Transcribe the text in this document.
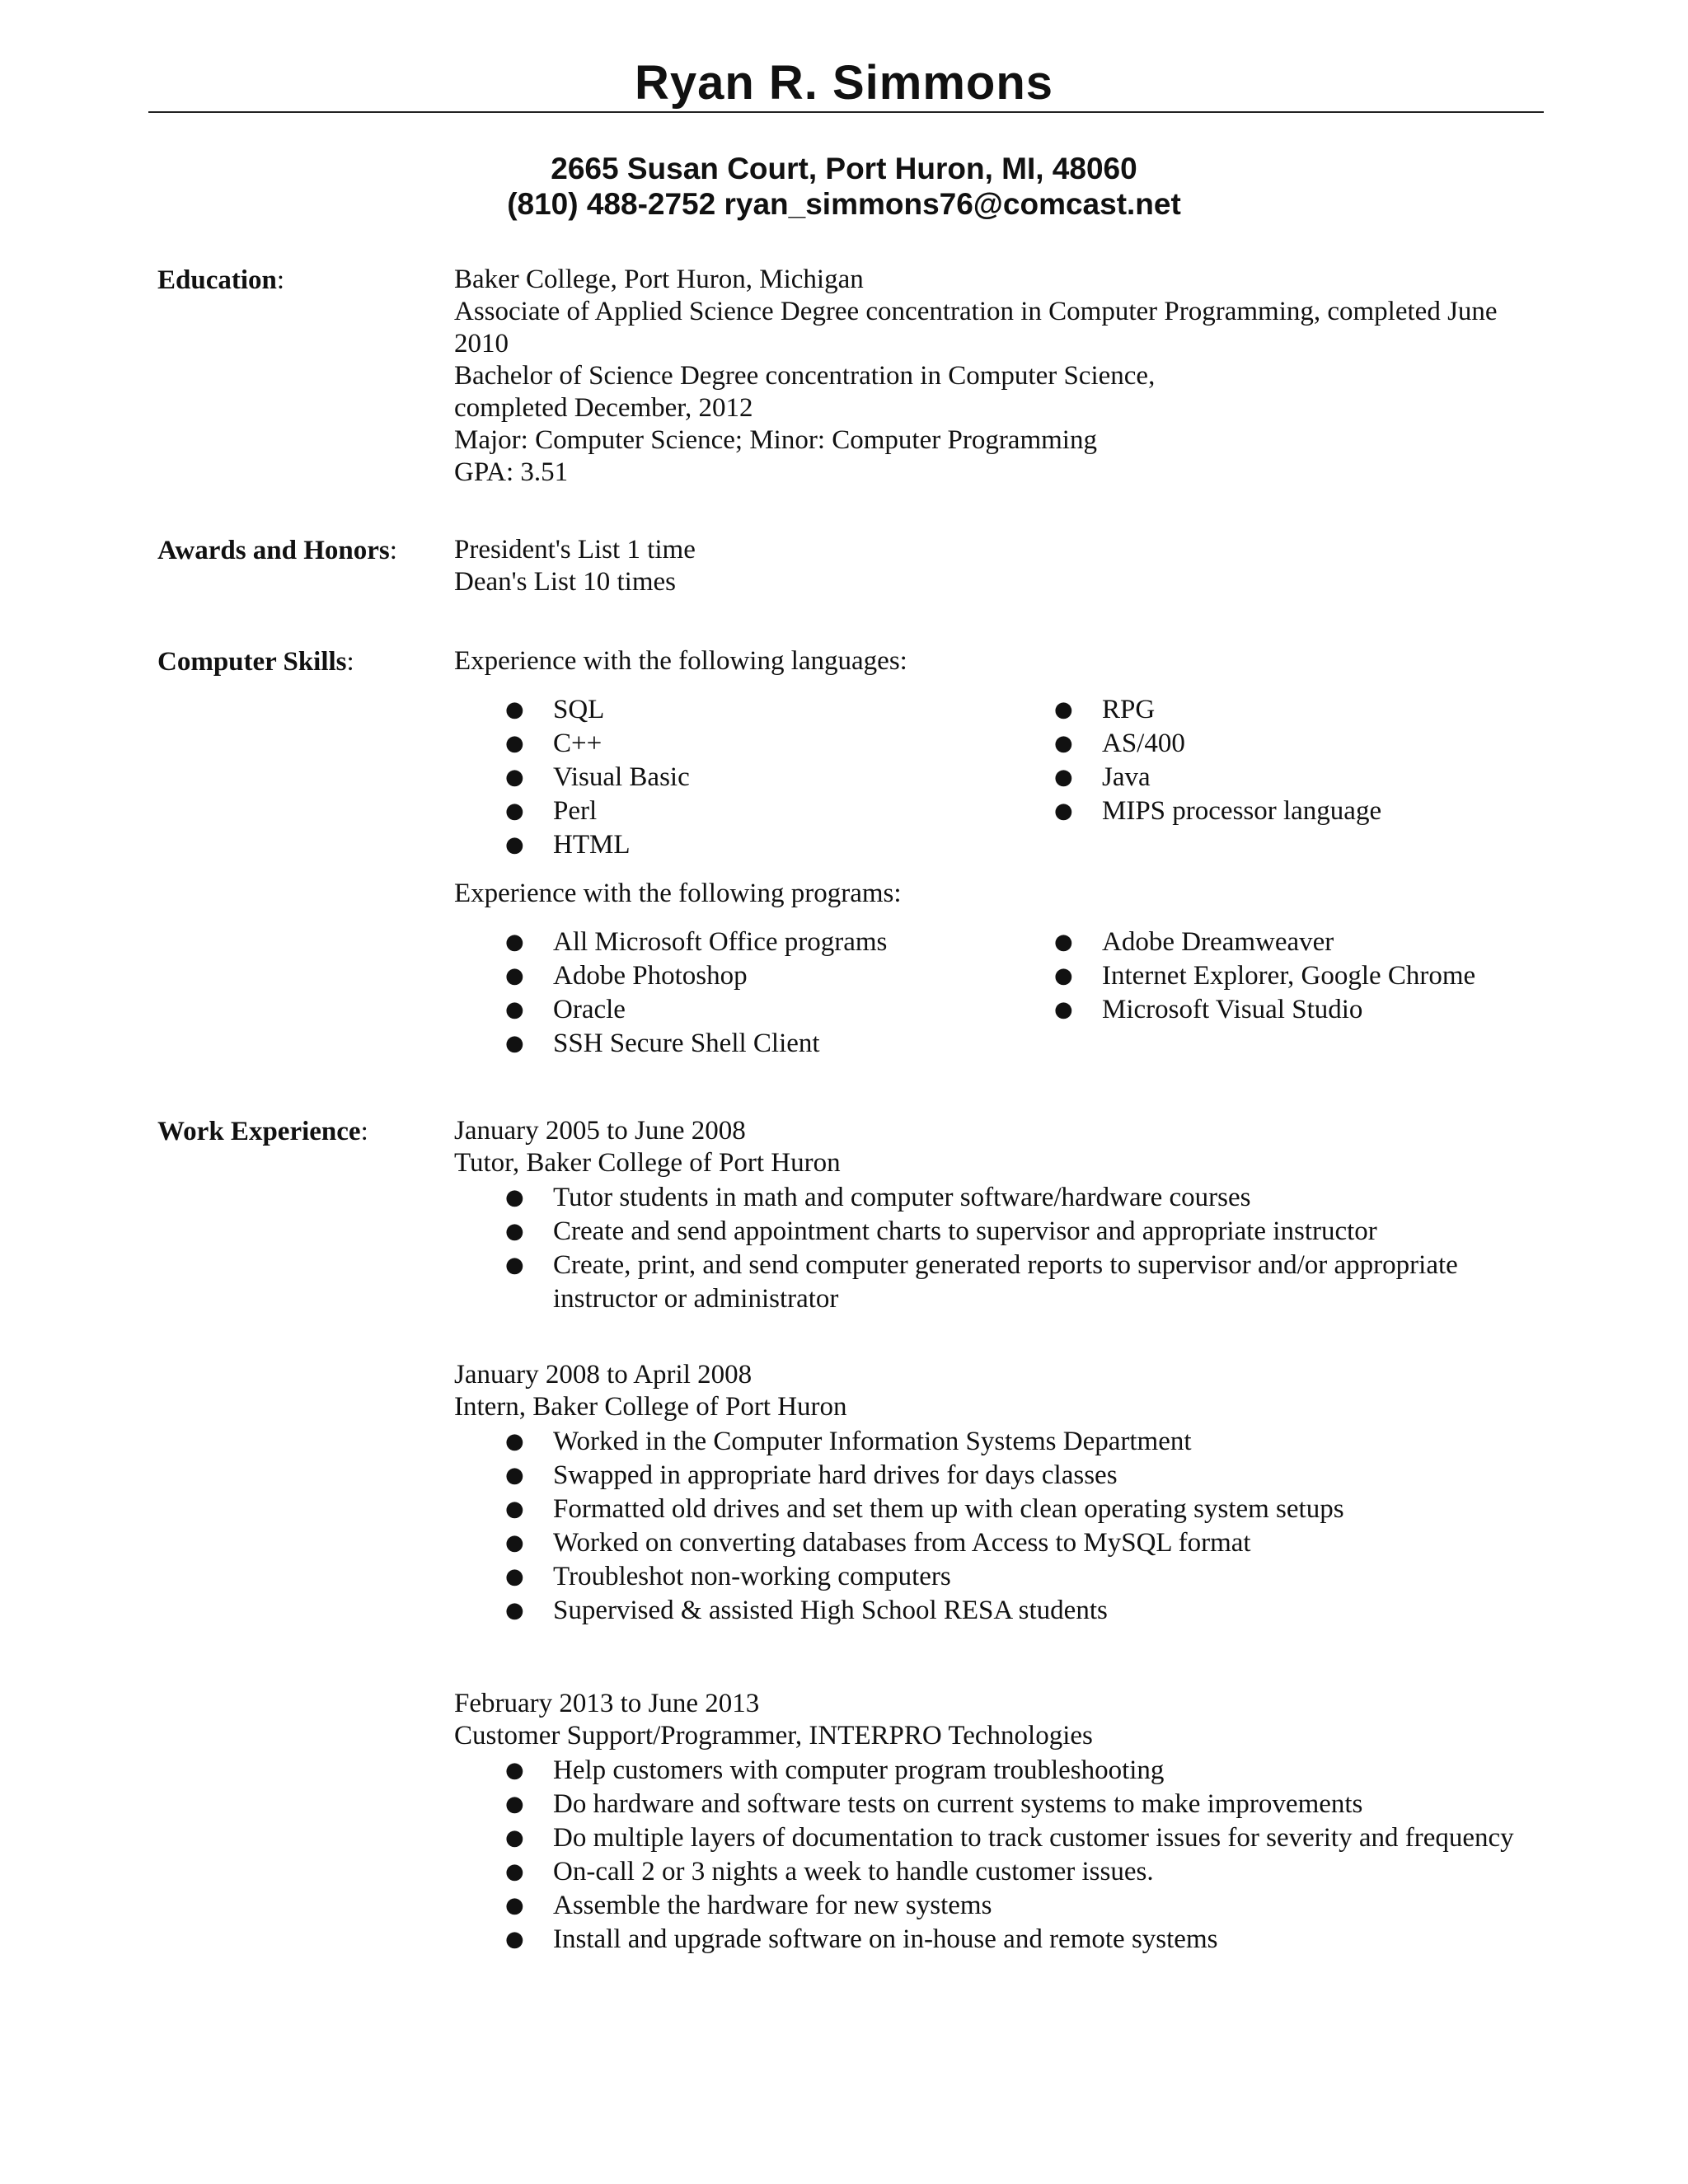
Ryan R. Simmons
2665 Susan Court, Port Huron, MI, 48060
(810) 488-2752 ryan_simmons76@comcast.net
Education:	Baker College, Port Huron, Michigan
Associate of Applied Science Degree concentration in Computer Programming, completed June
2010
Bachelor of Science Degree concentration in Computer Science,
completed December, 2012
Major: Computer Science; Minor: Computer Programming
GPA: 3.51
Awards and Honors: President's List 1 time
Dean's List 10 times
Computer Skills:	Experience with the following languages:
● SQL
● C++
● Visual Basic
● Perl
● HTML
● RPG
● AS/400
● Java
● MIPS processor language
Experience with the following programs:
● All Microsoft Office programs
● Adobe Photoshop
● Oracle
● SSH Secure Shell Client
● Adobe Dreamweaver
● Internet Explorer, Google Chrome
● Microsoft Visual Studio
Work Experience:	January 2005 to June 2008
Tutor, Baker College of Port Huron
● Tutor students in math and computer software/hardware courses
● Create and send appointment charts to supervisor and appropriate instructor
● Create, print, and send computer generated reports to supervisor and/or appropriate instructor or administrator
January 2008 to April 2008
Intern, Baker College of Port Huron
● Worked in the Computer Information Systems Department
● Swapped in appropriate hard drives for days classes
● Formatted old drives and set them up with clean operating system setups
● Worked on converting databases from Access to MySQL format
● Troubleshot non-working computers
● Supervised & assisted High School RESA students
February 2013 to June 2013
Customer Support/Programmer, INTERPRO Technologies
● Help customers with computer program troubleshooting
● Do hardware and software tests on current systems to make improvements
● Do multiple layers of documentation to track customer issues for severity and frequency
● On-call 2 or 3 nights a week to handle customer issues.
● Assemble the hardware for new systems
● Install and upgrade software on in-house and remote systems
